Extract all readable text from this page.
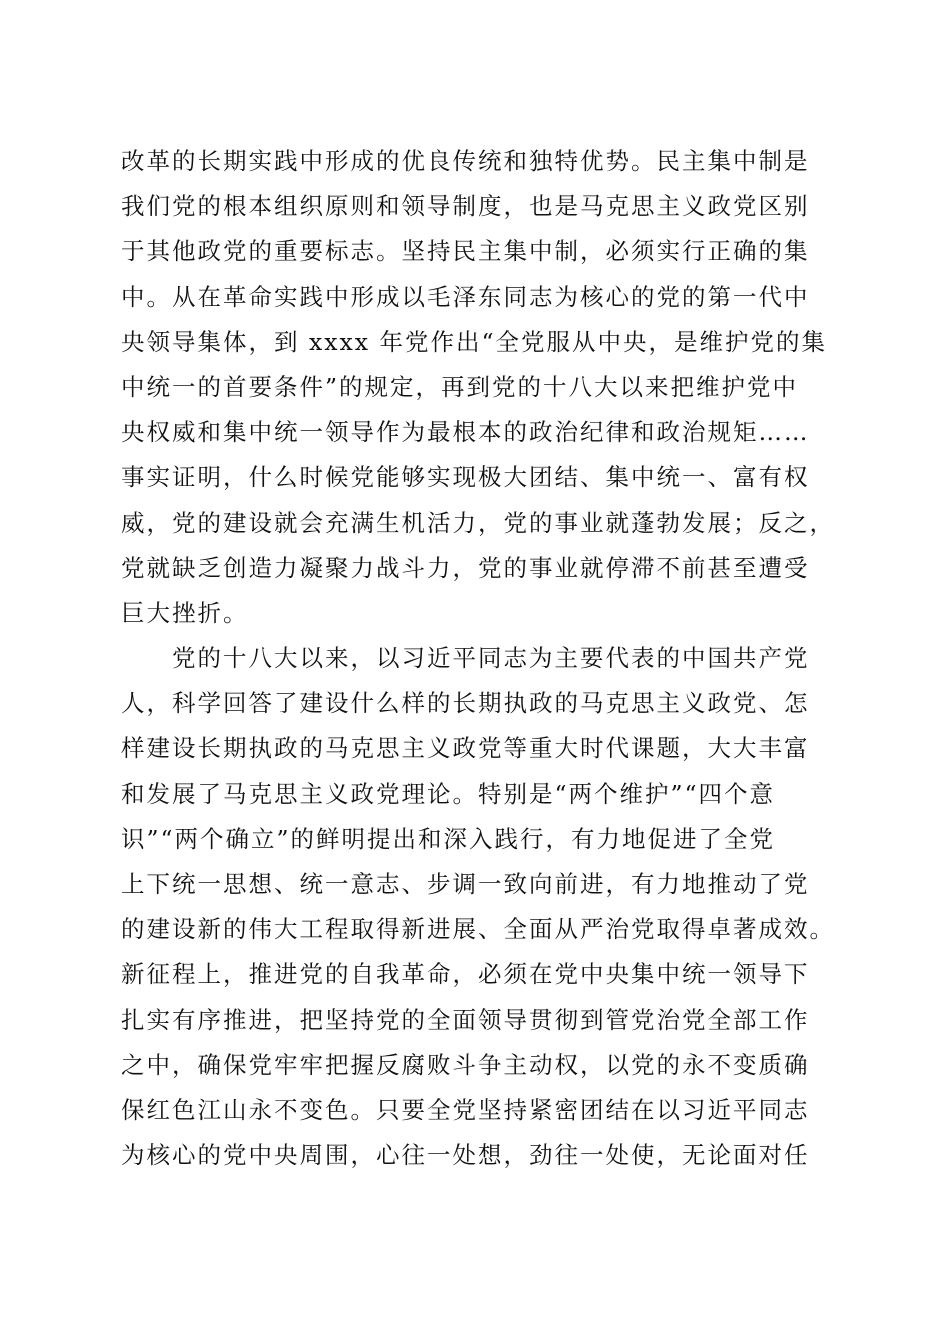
改革的长期实践中形成的优良传统和独特优势。民主集中制是
我们党的根本组织原则和领导制度，也是马克思主义政党区别
于其他政党的重要标志。坚持民主集中制，必须实行正确的集
中。从在革命实践中形成以毛泽东同志为核心的党的第一代中
央领导集体，到 xxxx 年党作出“全党服从中央，是维护党的集
中统一的首要条件”的规定，再到党的十八大以来把维护党中
央权威和集中统一领导作为最根本的政治纪律和政治规矩……
事实证明，什么时候党能够实现极大团结、集中统一、富有权
威，党的建设就会充满生机活力，党的事业就蓬勃发展；反之，
党就缺乏创造力凝聚力战斗力，党的事业就停滞不前甚至遭受
巨大挫折。
　　党的十八大以来，以习近平同志为主要代表的中国共产党
人，科学回答了建设什么样的长期执政的马克思主义政党、怎
样建设长期执政的马克思主义政党等重大时代课题，大大丰富
和发展了马克思主义政党理论。特别是“两个维护”“四个意
识”“两个确立”的鲜明提出和深入践行，有力地促进了全党
上下统一思想、统一意志、步调一致向前进，有力地推动了党
的建设新的伟大工程取得新进展、全面从严治党取得卓著成效。
新征程上，推进党的自我革命，必须在党中央集中统一领导下
扎实有序推进，把坚持党的全面领导贯彻到管党治党全部工作
之中，确保党牢牢把握反腐败斗争主动权，以党的永不变质确
保红色江山永不变色。只要全党坚持紧密团结在以习近平同志
为核心的党中央周围，心往一处想，劲往一处使，无论面对任
